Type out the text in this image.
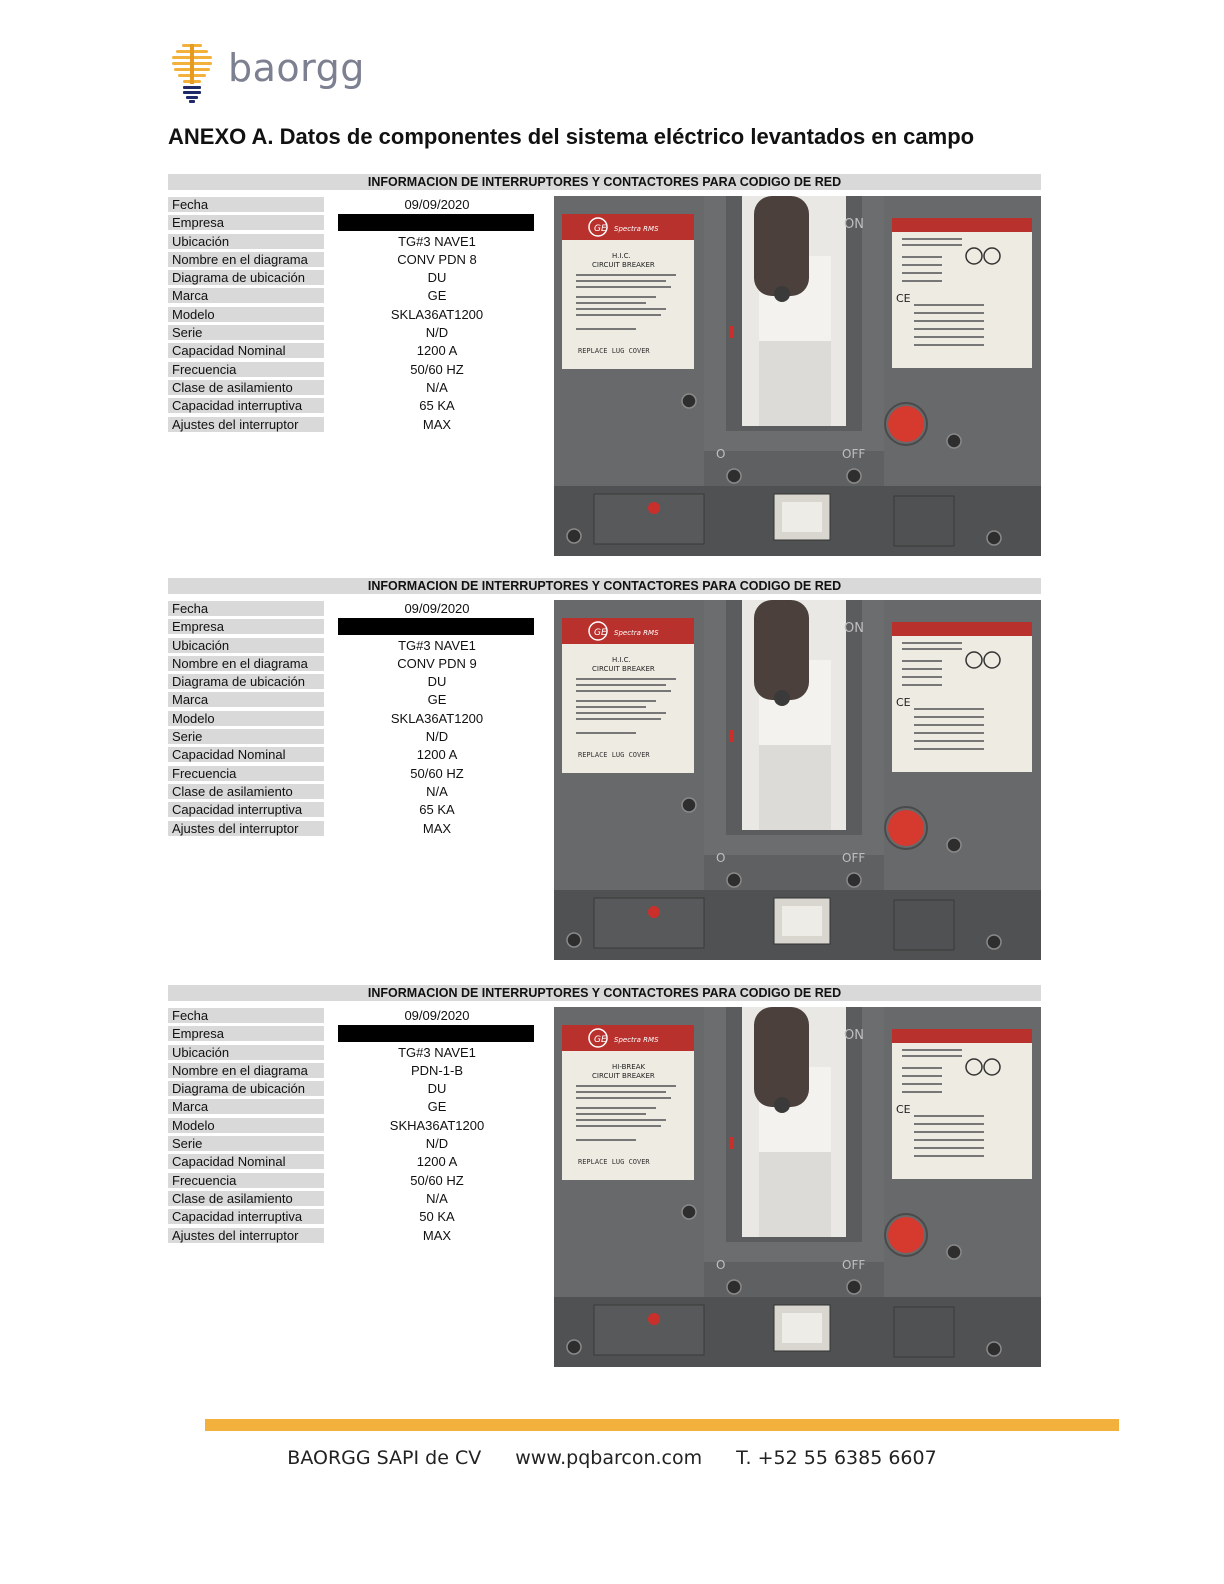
baorgg
ANEXO A. Datos de componentes del sistema eléctrico levantados en campo
INFORMACION DE INTERRUPTORES Y CONTACTORES PARA CODIGO DE RED
Fecha	09/09/2020
Empresa
Ubicación	TG#3 NAVE1
Nombre en el diagrama	CONV PDN 8
Diagrama de ubicación	DU
Marca	GE
Modelo	SKLA36AT1200
Serie	N/D
Capacidad Nominal	1200 A
Frecuencia	50/60 HZ
Clase de asilamiento	N/A
Capacidad interruptiva	65 KA
Ajustes del interruptor	MAX
GE Spectra RMS
H.I.C.
CIRCUIT BREAKER
REPLACE LUG COVER
CE
ON
OFF
O
INFORMACION DE INTERRUPTORES Y CONTACTORES PARA CODIGO DE RED
Fecha	09/09/2020
Empresa
Ubicación	TG#3 NAVE1
Nombre en el diagrama	CONV PDN 9
Diagrama de ubicación	DU
Marca	GE
Modelo	SKLA36AT1200
Serie	N/D
Capacidad Nominal	1200 A
Frecuencia	50/60 HZ
Clase de asilamiento	N/A
Capacidad interruptiva	65 KA
Ajustes del interruptor	MAX
GE Spectra RMS
H.I.C.
CIRCUIT BREAKER
REPLACE LUG COVER
CE
ON
OFF
O
INFORMACION DE INTERRUPTORES Y CONTACTORES PARA CODIGO DE RED
Fecha	09/09/2020
Empresa
Ubicación	TG#3 NAVE1
Nombre en el diagrama	PDN-1-B
Diagrama de ubicación	DU
Marca	GE
Modelo	SKHA36AT1200
Serie	N/D
Capacidad Nominal	1200 A
Frecuencia	50/60 HZ
Clase de asilamiento	N/A
Capacidad interruptiva	50 KA
Ajustes del interruptor	MAX
GE Spectra RMS
HI-BREAK
CIRCUIT BREAKER
REPLACE LUG COVER
CE
ON
OFF
O
BAORGG SAPI de CV www.pqbarcon.com T. +52 55 6385 6607
